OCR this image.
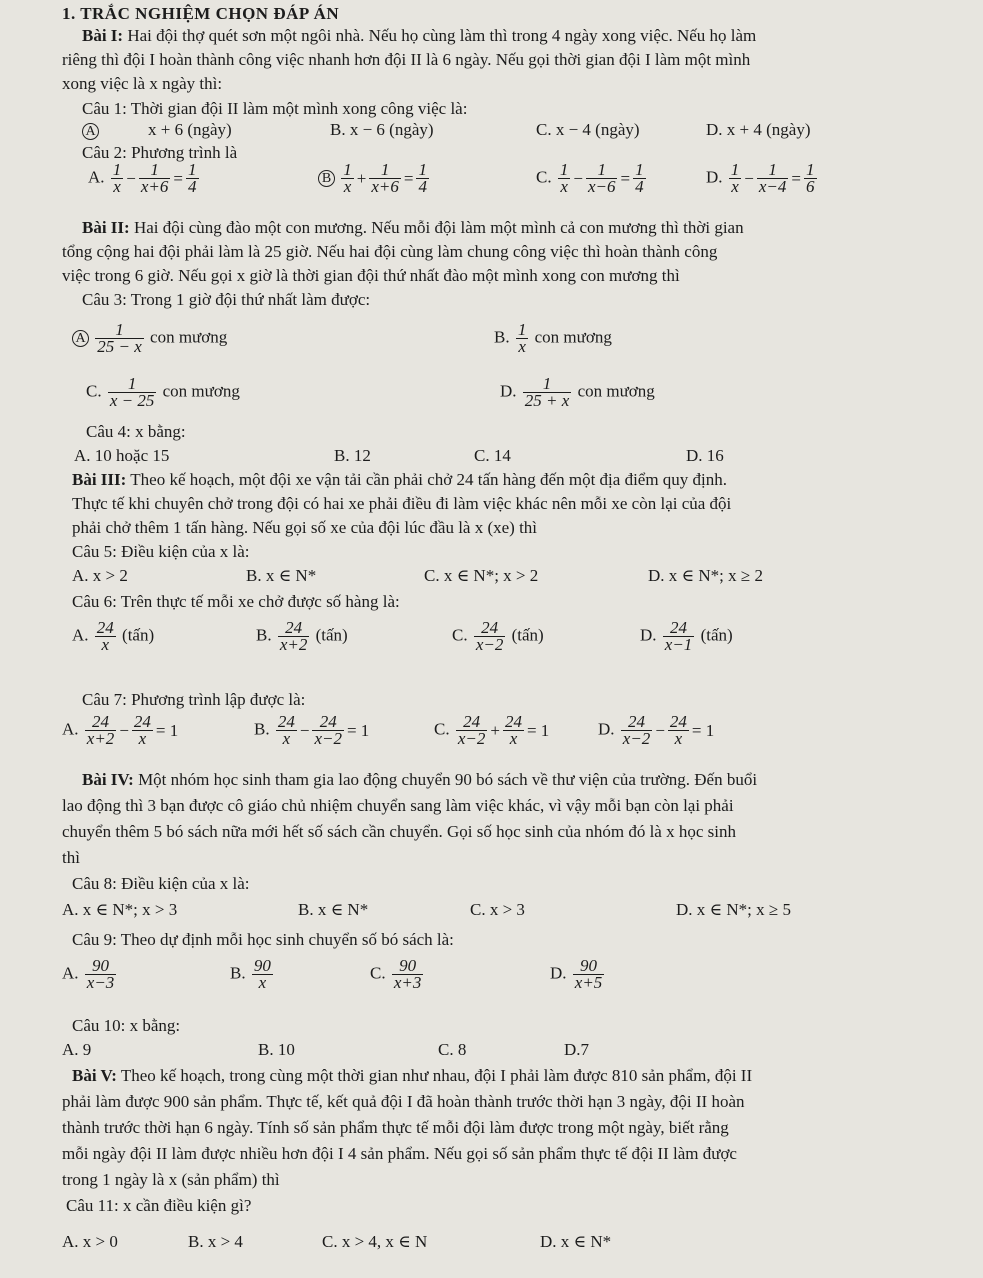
1. TRẮC NGHIỆM CHỌN ĐÁP ÁN
Bài I: Hai đội thợ quét sơn một ngôi nhà. Nếu họ cùng làm thì trong 4 ngày xong việc. Nếu họ làm
riêng thì đội I hoàn thành công việc nhanh hơn đội II là 6 ngày. Nếu gọi thời gian đội I làm một mình
xong việc là x ngày thì:
Câu 1: Thời gian đội II làm một mình xong công việc là:
A	x + 6 (ngày)	B. x − 6 (ngày)	C. x − 4 (ngày)	D. x + 4 (ngày)
Câu 2: Phương trình là
A. $\frac{1}{x} - \frac{1}{x+6} = \frac{1}{4}$	B $\frac{1}{x} + \frac{1}{x+6} = \frac{1}{4}$	C. $\frac{1}{x} - \frac{1}{x-6} = \frac{1}{4}$	D. $\frac{1}{x} - \frac{1}{x-4} = \frac{1}{6}$
Bài II: Hai đội cùng đào một con mương. Nếu mỗi đội làm một mình cả con mương thì thời gian
tổng cộng hai đội phải làm là 25 giờ. Nếu hai đội cùng làm chung công việc thì hoàn thành công
việc trong 6 giờ. Nếu gọi x giờ là thời gian đội thứ nhất đào một mình xong con mương thì
Câu 3: Trong 1 giờ đội thứ nhất làm được:
A $\frac{1}{25 - x}$ con mương	B. $\frac{1}{x}$ con mương
C. $\frac{1}{x - 25}$ con mương	D. $\frac{1}{25 + x}$ con mương
Câu 4: x bằng:
A. 10 hoặc 15	B. 12	C. 14	D. 16
Bài III: Theo kế hoạch, một đội xe vận tải cần phải chở 24 tấn hàng đến một địa điểm quy định.
Thực tế khi chuyên chở trong đội có hai xe phải điều đi làm việc khác nên mỗi xe còn lại của đội
phải chở thêm 1 tấn hàng. Nếu gọi số xe của đội lúc đầu là x (xe) thì
Câu 5: Điều kiện của x là:
A. x > 2	B. x ∈ N*	C. x ∈ N*; x > 2	D. x ∈ N*; x ≥ 2
Câu 6: Trên thực tế mỗi xe chở được số hàng là:
A. $\frac{24}{x}$ (tấn)	B. $\frac{24}{x+2}$ (tấn)	C. $\frac{24}{x-2}$ (tấn)	D. $\frac{24}{x-1}$ (tấn)
Câu 7: Phương trình lập được là:
A. $\frac{24}{x+2} - \frac{24}{x} = 1$	B. $\frac{24}{x} - \frac{24}{x-2} = 1$	C. $\frac{24}{x-2} + \frac{24}{x} = 1$	D. $\frac{24}{x-2} - \frac{24}{x} = 1$
Bài IV: Một nhóm học sinh tham gia lao động chuyển 90 bó sách về thư viện của trường. Đến buổi
lao động thì 3 bạn được cô giáo chủ nhiệm chuyển sang làm việc khác, vì vậy mỗi bạn còn lại phải
chuyển thêm 5 bó sách nữa mới hết số sách cần chuyển. Gọi số học sinh của nhóm đó là x học sinh
thì
Câu 8: Điều kiện của x là:
A. x ∈ N*; x > 3	B. x ∈ N*	C. x > 3	D. x ∈ N*; x ≥ 5
Câu 9: Theo dự định mỗi học sinh chuyển số bó sách là:
A. $\frac{90}{x-3}$	B. $\frac{90}{x}$	C. $\frac{90}{x+3}$	D. $\frac{90}{x+5}$
Câu 10: x bằng:
A. 9	B. 10	C. 8	D.7
Bài V: Theo kế hoạch, trong cùng một thời gian như nhau, đội I phải làm được 810 sản phẩm, đội II
phải làm được 900 sản phẩm. Thực tế, kết quả đội I đã hoàn thành trước thời hạn 3 ngày, đội II hoàn
thành trước thời hạn 6 ngày. Tính số sản phẩm thực tế mỗi đội làm được trong một ngày, biết rằng
mỗi ngày đội II làm được nhiều hơn đội I 4 sản phẩm. Nếu gọi số sản phẩm thực tế đội II làm được
trong 1 ngày là x (sản phẩm) thì
Câu 11: x cần điều kiện gì?
A. x > 0	B. x > 4	C. x > 4, x ∈ N	D. x ∈ N*
